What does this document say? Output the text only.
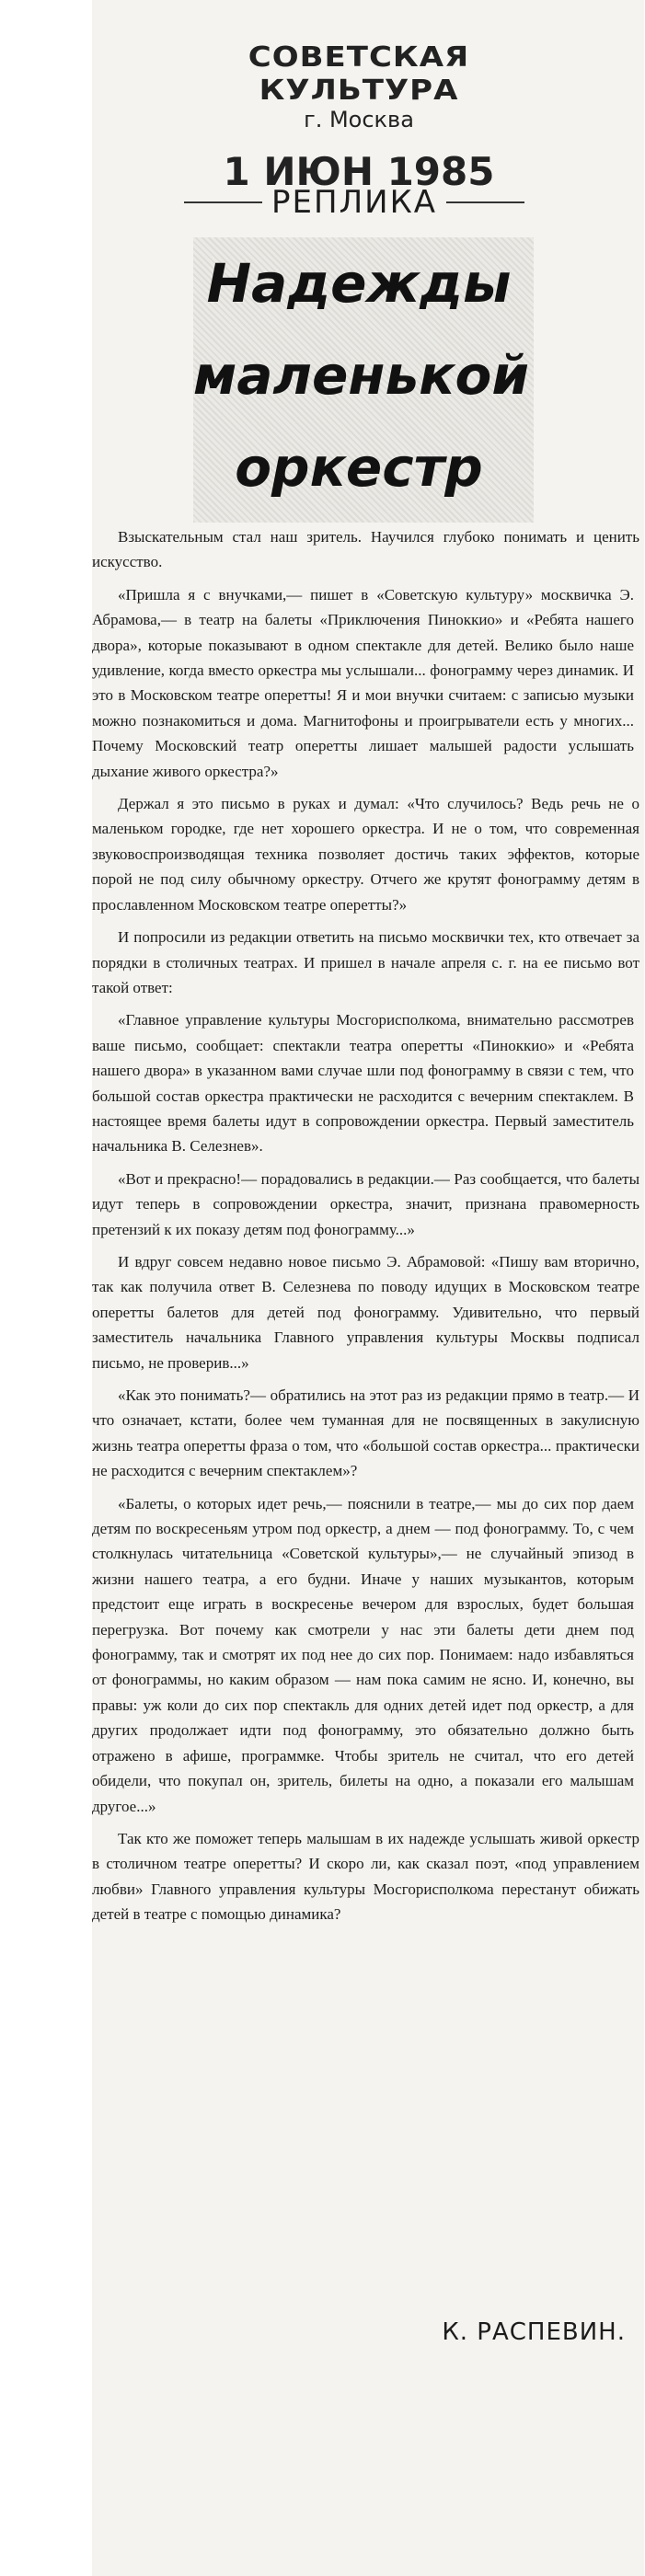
СОВЕТСКАЯ КУЛЬТУРА
г. Москва
1 ИЮН 1985
РЕПЛИКА
Надежды
маленькой
оркестр

Взыскательным стал наш зритель. Научился глубоко понимать и ценить искусство.

«Пришла я с внучками,— пишет в «Советскую культуру» москвичка Э. Абрамова,— в театр на балеты «Приключения Пиноккио» и «Ребята нашего двора», которые показывают в одном спектакле для детей. Велико было наше удивление, когда вместо оркестра мы услышали... фонограмму через динамик. И это в Московском театре оперетты! Я и мои внучки считаем: с записью музыки можно познакомиться и дома. Магнитофоны и проигрыватели есть у многих... Почему Московский театр оперетты лишает малышей радости услышать дыхание живого оркестра?»

Держал я это письмо в руках и думал: «Что случилось? Ведь речь не о маленьком городке, где нет хорошего оркестра. И не о том, что современная звуковоспроизводящая техника позволяет достичь таких эффектов, которые порой не под силу обычному оркестру. Отчего же крутят фонограмму детям в прославленном Московском театре оперетты?»

И попросили из редакции ответить на письмо москвички тех, кто отвечает за порядки в столичных театрах. И пришел в начале апреля с. г. на ее письмо вот такой ответ:

«Главное управление культуры Мосгорисполкома, внимательно рассмотрев ваше письмо, сообщает: спектакли театра оперетты «Пиноккио» и «Ребята нашего двора» в указанном вами случае шли под фонограмму в связи с тем, что большой состав оркестра практически не расходится с вечерним спектаклем. В настоящее время балеты идут в сопровождении оркестра. Первый заместитель начальника В. Селезнев».

«Вот и прекрасно!— порадовались в редакции.— Раз сообщается, что балеты идут теперь в сопровождении оркестра, значит, признана правомерность претензий к их показу детям под фонограмму...»

И вдруг совсем недавно новое письмо Э. Абрамовой: «Пишу вам вторично, так как получила ответ В. Селезнева по поводу идущих в Московском театре оперетты балетов для детей под фонограмму. Удивительно, что первый заместитель начальника Главного управления культуры Москвы подписал письмо, не проверив...»

«Как это понимать?— обратились на этот раз из редакции прямо в театр.— И что означает, кстати, более чем туманная для не посвященных в закулисную жизнь театра оперетты фраза о том, что «большой состав оркестра... практически не расходится с вечерним спектаклем»?

«Балеты, о которых идет речь,— пояснили в театре,— мы до сих пор даем детям по воскресеньям утром под оркестр, а днем — под фонограмму. То, с чем столкнулась читательница «Советской культуры»,— не случайный эпизод в жизни нашего театра, а его будни. Иначе у наших музыкантов, которым предстоит еще играть в воскресенье вечером для взрослых, будет большая перегрузка. Вот почему как смотрели у нас эти балеты дети днем под фонограмму, так и смотрят их под нее до сих пор. Понимаем: надо избавляться от фонограммы, но каким образом — нам пока самим не ясно. И, конечно, вы правы: уж коли до сих пор спектакль для одних детей идет под оркестр, а для других продолжает идти под фонограмму, это обязательно должно быть отражено в афише, программке. Чтобы зритель не считал, что его детей обидели, что покупал он, зритель, билеты на одно, а показали его малышам другое...»

Так кто же поможет теперь малышам в их надежде услышать живой оркестр в столичном театре оперетты? И скоро ли, как сказал поэт, «под управлением любви» Главного управления культуры Мосгорисполкома перестанут обижать детей в театре с помощью динамика?

К. РАСПЕВИН.
